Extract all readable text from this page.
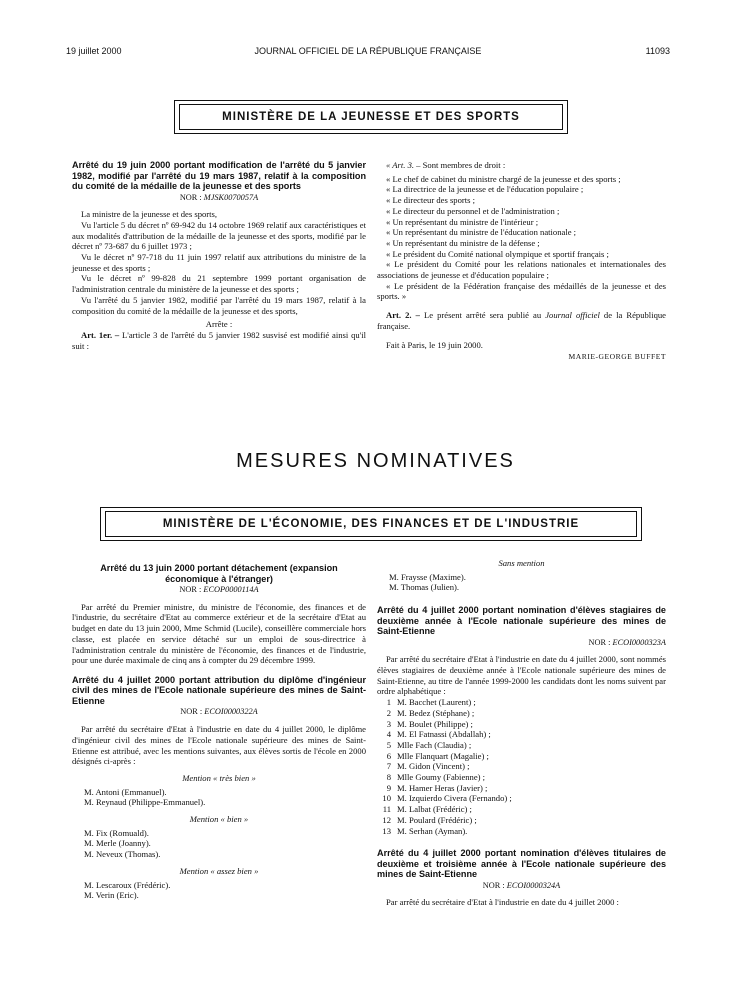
19 juillet 2000	JOURNAL OFFICIEL DE LA RÉPUBLIQUE FRANÇAISE	11093
MINISTÈRE DE LA JEUNESSE ET DES SPORTS
Arrêté du 19 juin 2000 portant modification de l'arrêté du 5 janvier 1982, modifié par l'arrêté du 19 mars 1987, relatif à la composition du comité de la médaille de la jeunesse et des sports
NOR : MJSK0070057A

La ministre de la jeunesse et des sports,

Vu l'article 5 du décret nº 69-942 du 14 octobre 1969 relatif aux caractéristiques et aux modalités d'attribution de la médaille de la jeunesse et des sports, modifié par le décret nº 73-687 du 6 juillet 1973 ;

Vu le décret nº 97-718 du 11 juin 1997 relatif aux attributions du ministre de la jeunesse et des sports ;

Vu le décret nº 99-828 du 21 septembre 1999 portant organisation de l'administration centrale du ministère de la jeunesse et des sports ;

Vu l'arrêté du 5 janvier 1982, modifié par l'arrêté du 19 mars 1987, relatif à la composition du comité de la médaille de la jeunesse et des sports,

Arrête :

Art. 1er. – L'article 3 de l'arrêté du 5 janvier 1982 susvisé est modifié ainsi qu'il suit :

« Art. 3. – Sont membres de droit :

« Le chef de cabinet du ministre chargé de la jeunesse et des sports ;

« La directrice de la jeunesse et de l'éducation populaire ;

« Le directeur des sports ;

« Le directeur du personnel et de l'administration ;

« Un représentant du ministre de l'intérieur ;

« Un représentant du ministre de l'éducation nationale ;

« Un représentant du ministre de la défense ;

« Le président du Comité national olympique et sportif français ;

« Le président du Comité pour les relations nationales et internationales des associations de jeunesse et d'éducation populaire ;

« Le président de la Fédération française des médaillés de la jeunesse et des sports. »

Art. 2. – Le présent arrêté sera publié au Journal officiel de la République française.

Fait à Paris, le 19 juin 2000.

MARIE-GEORGE BUFFET
MESURES NOMINATIVES
MINISTÈRE DE L'ÉCONOMIE, DES FINANCES ET DE L'INDUSTRIE
Arrêté du 13 juin 2000 portant détachement (expansion économique à l'étranger)
NOR : ECOP0000114A

Par arrêté du Premier ministre, du ministre de l'économie, des finances et de l'industrie, du secrétaire d'Etat au commerce extérieur et de la secrétaire d'Etat au budget en date du 13 juin 2000, Mme Schmid (Lucile), conseillère commerciale hors classe, est placée en service détaché sur un emploi de sous-directrice à l'administration centrale du ministère de l'économie, des finances et de l'industrie, pour une durée maximale de cinq ans à compter du 29 décembre 1999.

Arrêté du 4 juillet 2000 portant attribution du diplôme d'ingénieur civil des mines de l'Ecole nationale supérieure des mines de Saint-Etienne
NOR : ECOI0000322A

Par arrêté du secrétaire d'Etat à l'industrie en date du 4 juillet 2000, le diplôme d'ingénieur civil des mines de l'Ecole nationale supérieure des mines de Saint-Etienne est attribué, avec les mentions suivantes, aux élèves sortis de l'école en 2000 désignés ci-après :

Mention « très bien »
M. Antoni (Emmanuel).
M. Reynaud (Philippe-Emmanuel).
Mention « bien »
M. Fix (Romuald).
M. Merle (Joanny).
M. Neveux (Thomas).
Mention « assez bien »
M. Lescaroux (Frédéric).
M. Verin (Eric).
Sans mention
M. Fraysse (Maxime).
M. Thomas (Julien).
Arrêté du 4 juillet 2000 portant nomination d'élèves stagiaires de deuxième année à l'Ecole nationale supérieure des mines de Saint-Etienne
NOR : ECOI0000323A

Par arrêté du secrétaire d'Etat à l'industrie en date du 4 juillet 2000, sont nommés élèves stagiaires de deuxième année à l'Ecole nationale supérieure des mines de Saint-Etienne, au titre de l'année 1999-2000 les candidats dont les noms suivent par ordre alphabétique :

1 M. Bacchet (Laurent) ;
2 M. Bedez (Stéphane) ;
3 M. Boulet (Philippe) ;
4 M. El Fatnassi (Abdallah) ;
5 Mlle Fach (Claudia) ;
6 Mlle Flanquart (Magalie) ;
7 M. Gidon (Vincent) ;
8 Mlle Goumy (Fabienne) ;
9 M. Hamer Heras (Javier) ;
10 M. Izquierdo Civera (Fernando) ;
11 M. Lalbat (Frédéric) ;
12 M. Poulard (Frédéric) ;
13 M. Serhan (Ayman).
Arrêté du 4 juillet 2000 portant nomination d'élèves titulaires de deuxième et troisième année à l'Ecole nationale supérieure des mines de Saint-Etienne
NOR : ECOI0000324A

Par arrêté du secrétaire d'Etat à l'industrie en date du 4 juillet 2000 :
